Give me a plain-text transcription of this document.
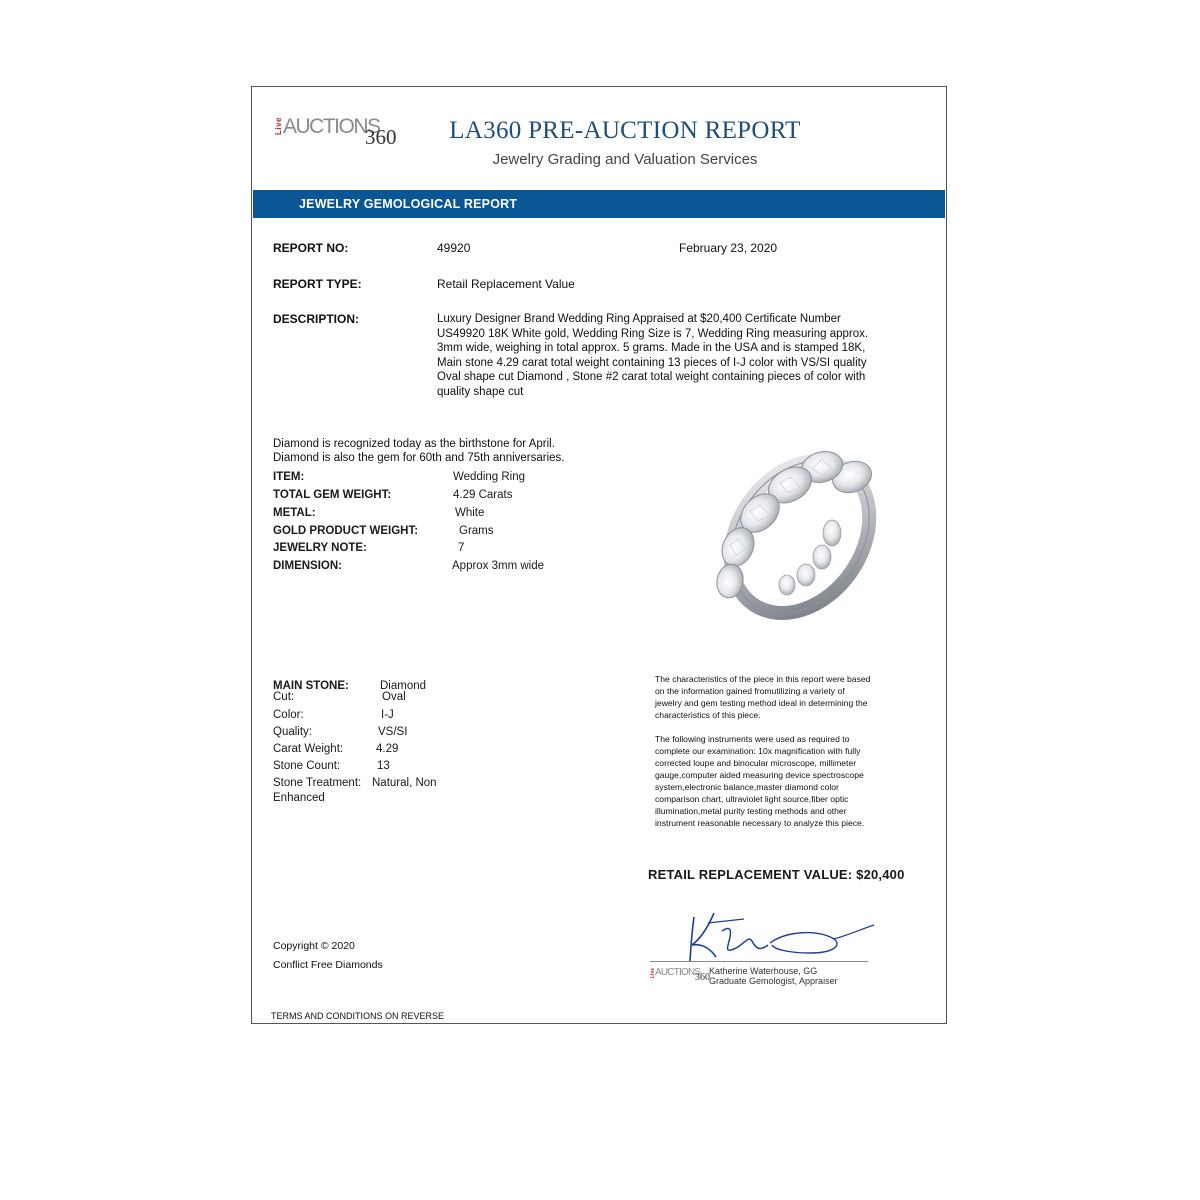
Live AUCTIONS
360	LA360 PRE-AUCTION REPORT
Jewelry Grading and Valuation Services
JEWELRY GEMOLOGICAL REPORT
REPORT NO:	49920	February 23, 2020
REPORT TYPE:	Retail Replacement Value
DESCRIPTION:	Luxury Designer Brand Wedding Ring Appraised at $20,400 Certificate Number
US49920 18K White gold, Wedding Ring Size is 7, Wedding Ring measuring approx.
3mm wide, weighing in total approx. 5 grams. Made in the USA and is stamped 18K,
Main stone 4.29 carat total weight containing 13 pieces of I-J color with VS/SI quality
Oval shape cut Diamond , Stone #2 carat total weight containing pieces of color with
quality shape cut
Diamond is recognized today as the birthstone for April.
Diamond is also the gem for 60th and 75th anniversaries.
ITEM:	Wedding Ring
TOTAL GEM WEIGHT:	4.29 Carats
METAL:	White
GOLD PRODUCT WEIGHT:	Grams
JEWELRY NOTE:	7
DIMENSION:	Approx 3mm wide
MAIN STONE:	Diamond
Cut:	Oval
Color:	I-J
Quality:	VS/SI
Carat Weight:	4.29
Stone Count:	13
Stone Treatment: Natural, Non
Enhanced
The characteristics of the piece in this report were based
on the information gained fromutilizing a variety of
jewelry and gem testing method ideal in determining the
characteristics of this piece.
The following instruments were used as required to
complete our examination: 10x magnification with fully
corrected loupe and binocular microscope, millimeter
gauge,computer aided measuring device spectroscope
system,electronic balance,master diamond color
comparison chart, ultraviolet light source,fiber optic
illumination,metal purity testing methods and other
instrument reasonable necessary to analyze this piece.
RETAIL REPLACEMENT VALUE: $20,400
Live AUCTIONS
360
Katherine Waterhouse, GG
Graduate Gemologist, Appraiser
Copyright © 2020
Conflict Free Diamonds
TERMS AND CONDITIONS ON REVERSE
